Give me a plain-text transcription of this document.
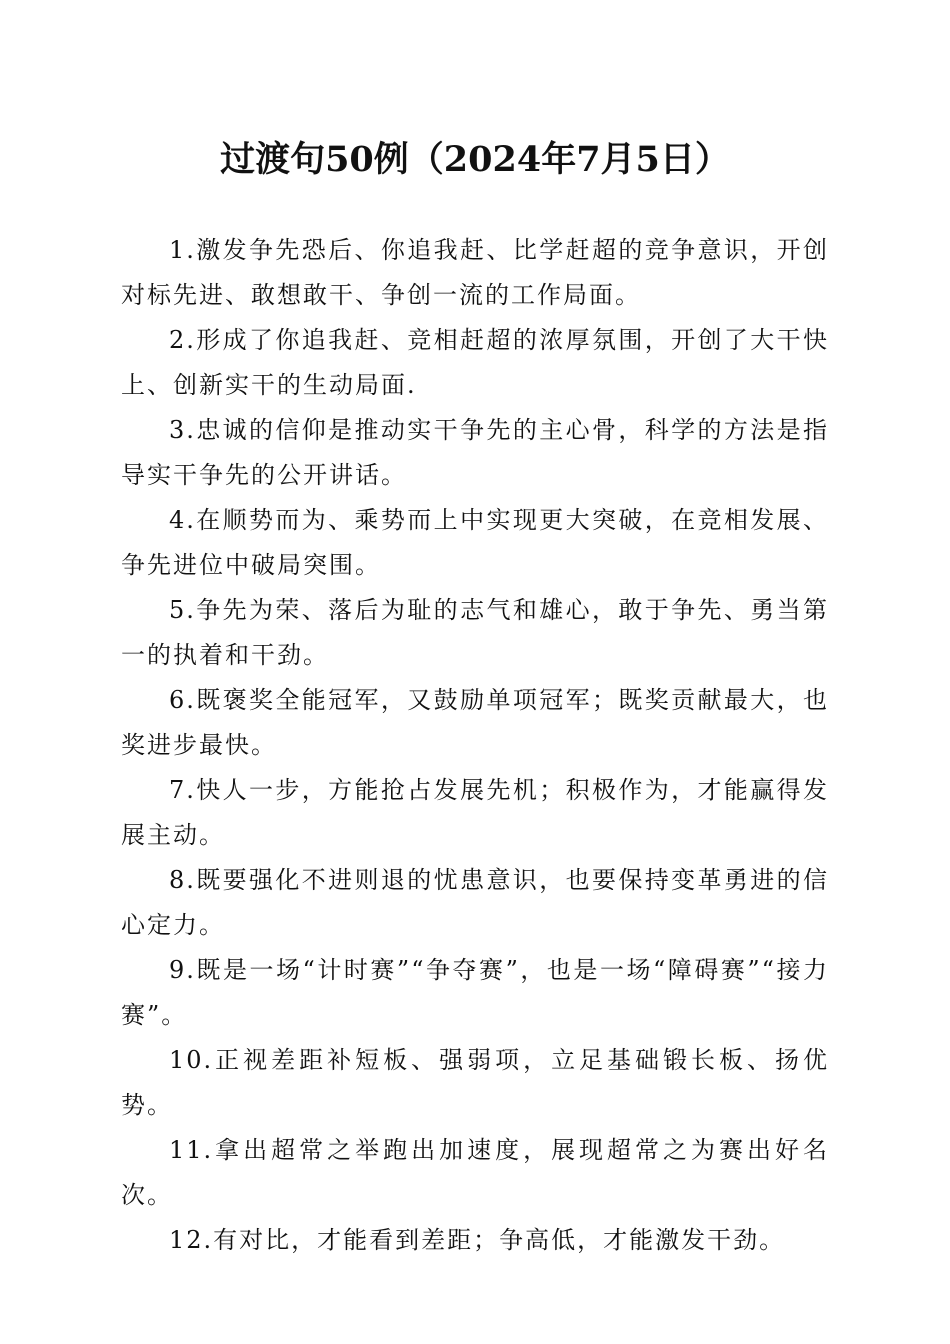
过渡句50例（2024年7月5日）

1.激发争先恐后、你追我赶、比学赶超的竞争意识，开创对标先进、敢想敢干、争创一流的工作局面。

2.形成了你追我赶、竞相赶超的浓厚氛围，开创了大干快上、创新实干的生动局面.

3.忠诚的信仰是推动实干争先的主心骨，科学的方法是指导实干争先的公开讲话。

4.在顺势而为、乘势而上中实现更大突破，在竞相发展、争先进位中破局突围。

5.争先为荣、落后为耻的志气和雄心，敢于争先、勇当第一的执着和干劲。

6.既褒奖全能冠军，又鼓励单项冠军；既奖贡献最大，也奖进步最快。

7.快人一步，方能抢占发展先机；积极作为，才能赢得发展主动。

8.既要强化不进则退的忧患意识，也要保持变革勇进的信心定力。

9.既是一场“计时赛”“争夺赛”，也是一场“障碍赛”“接力赛”。

10.正视差距补短板、强弱项，立足基础锻长板、扬优势。

11.拿出超常之举跑出加速度，展现超常之为赛出好名次。

12.有对比，才能看到差距；争高低，才能激发干劲。
